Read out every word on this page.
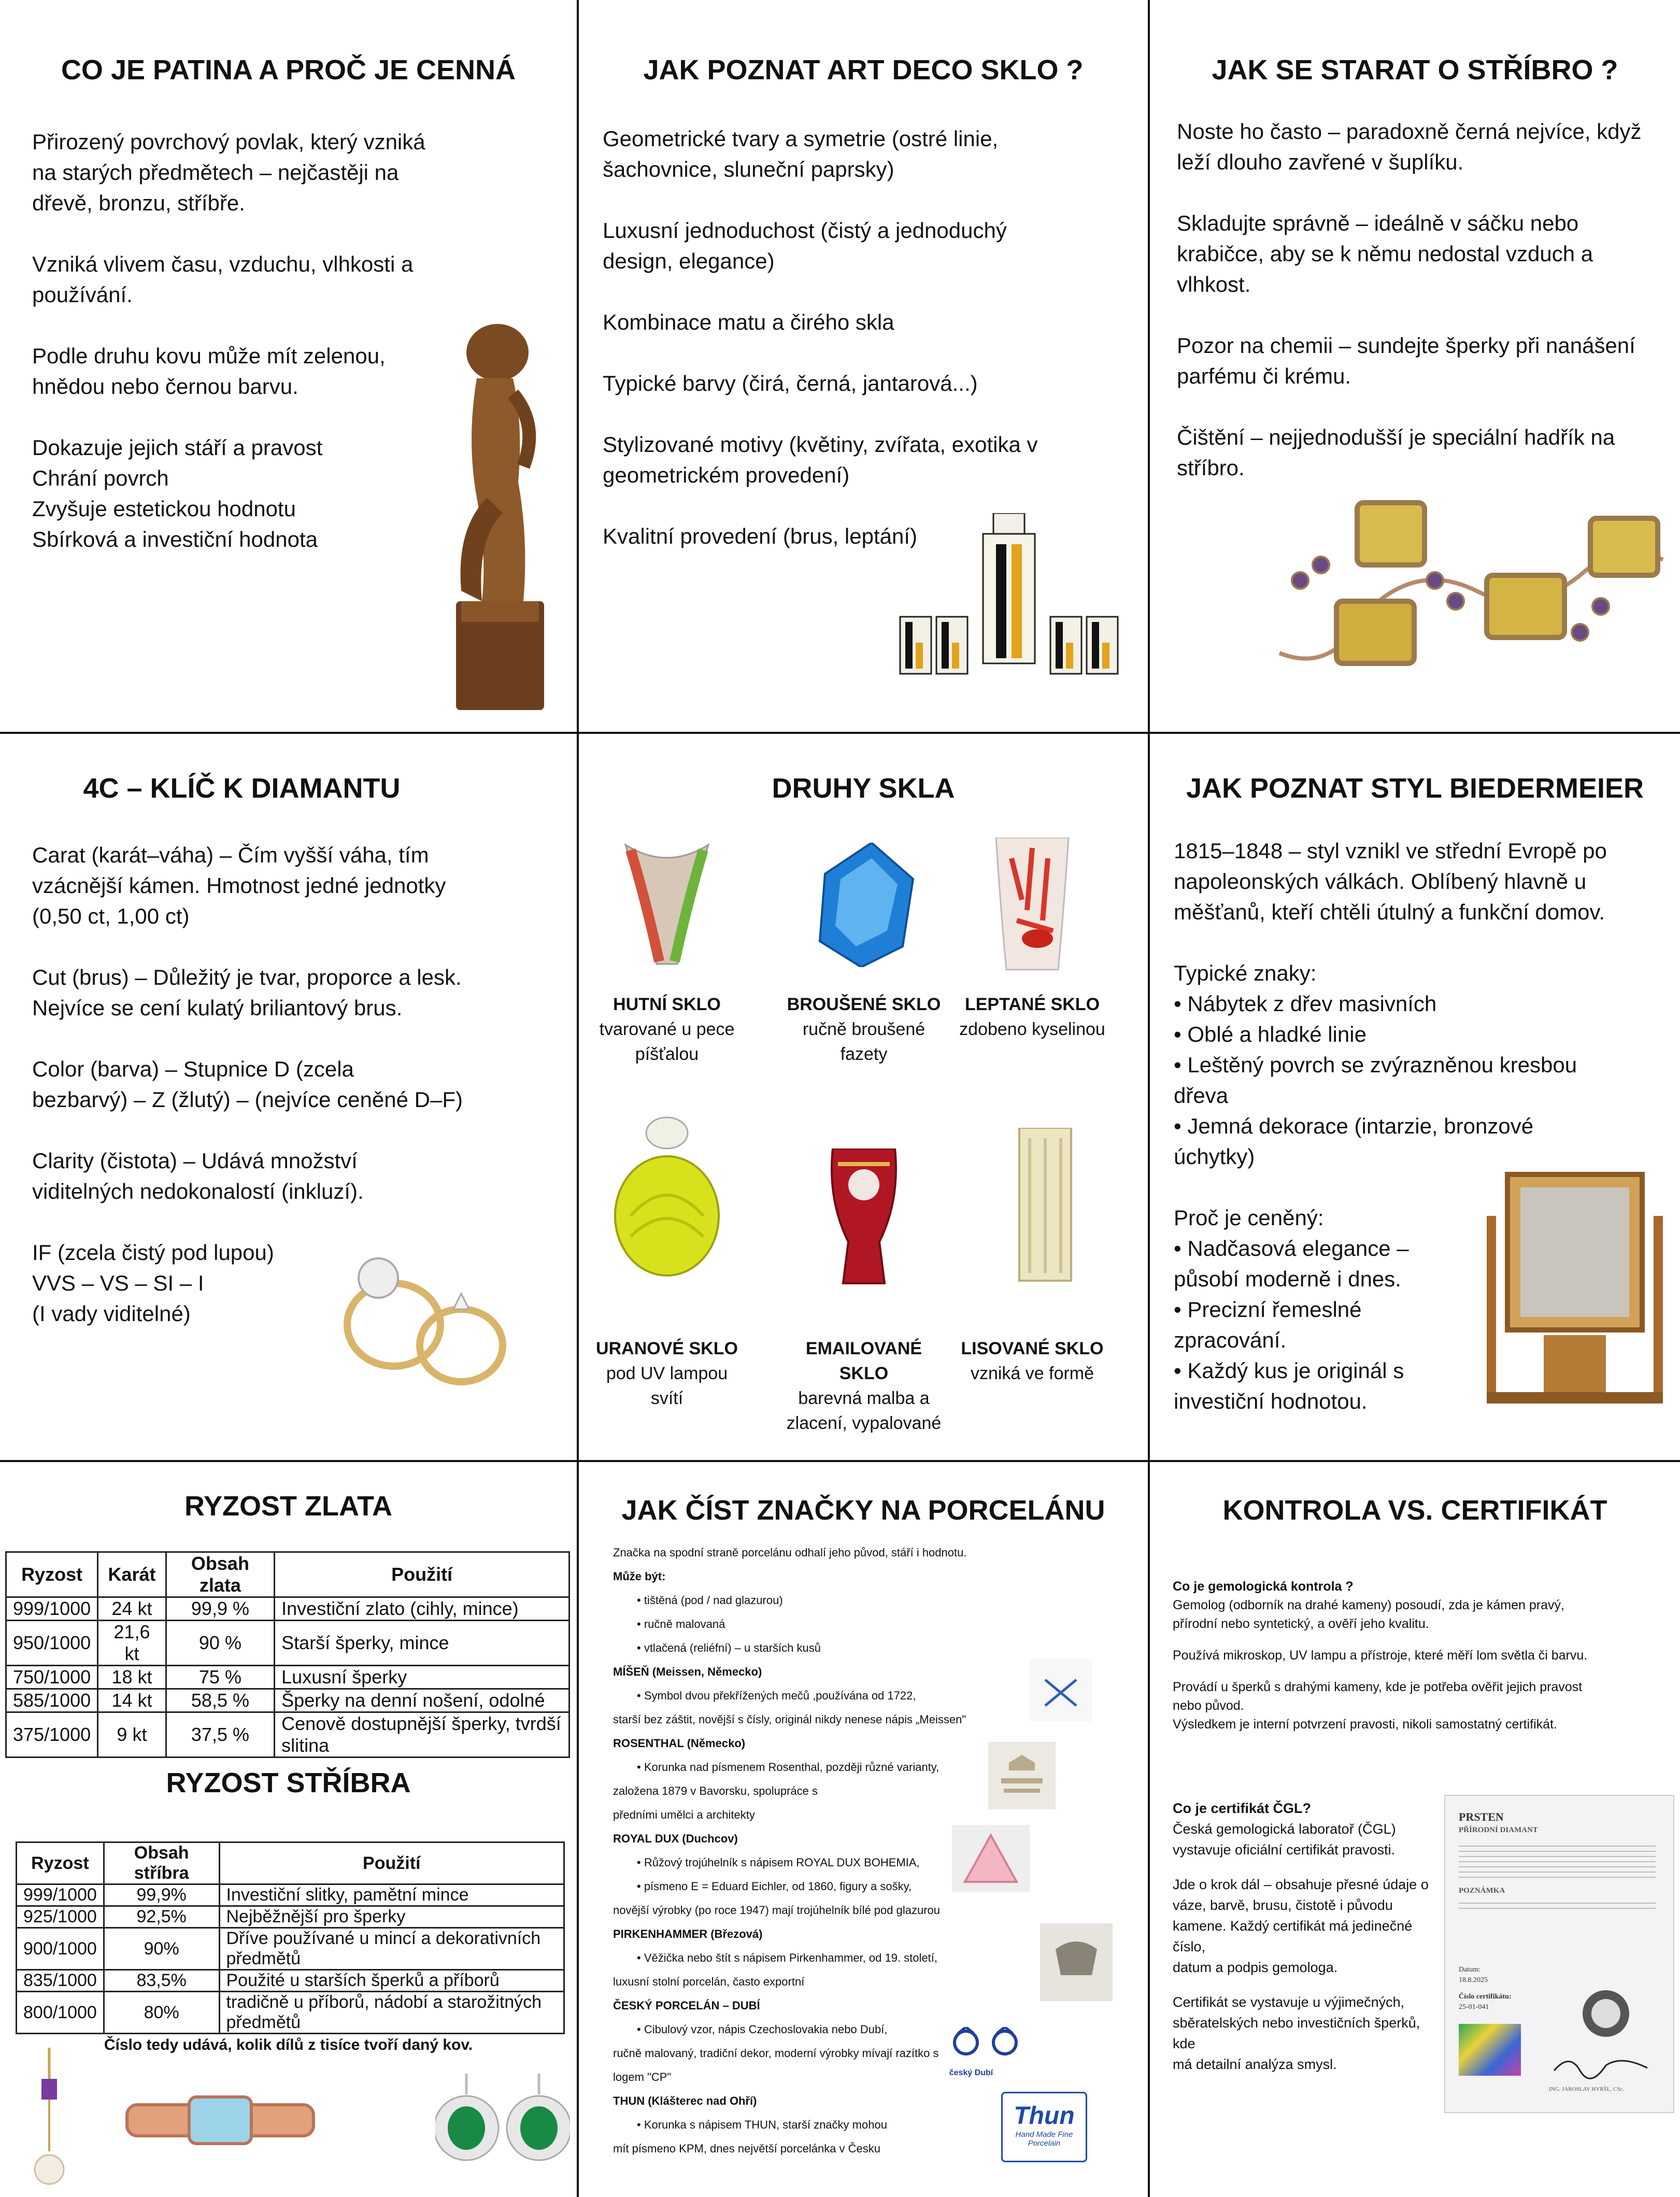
CO JE PATINA A PROČ JE CENNÁ
Přirozený povrchový povlak, který vzniká
na starých předmětech – nejčastěji na
dřevě, bronzu, stříbře.
Vzniká vlivem času, vzduchu, vlhkosti a
používání.
Podle druhu kovu může mít zelenou,
hnědou nebo černou barvu.
Dokazuje jejich stáří a pravost
Chrání povrch
Zvyšuje estetickou hodnotu
Sbírková a investiční hodnota
JAK POZNAT ART DECO SKLO ?
Geometrické tvary a symetrie (ostré linie,
šachovnice, sluneční paprsky)
Luxusní jednoduchost (čistý a jednoduchý
design, elegance)
Kombinace matu a čirého skla
Typické barvy (čirá, černá, jantarová...)
Stylizované motivy (květiny, zvířata, exotika v
geometrickém provedení)
Kvalitní provedení (brus, leptání)
JAK SE STARAT O STŘÍBRO ?
Noste ho často – paradoxně černá nejvíce, když
leží dlouho zavřené v šuplíku.
Skladujte správně – ideálně v sáčku nebo
krabičce, aby se k němu nedostal vzduch a
vlhkost.
Pozor na chemii – sundejte šperky při nanášení
parfému či krému.
Čištění – nejjednodušší je speciální hadřík na
stříbro.
4C – KLÍČ K DIAMANTU
Carat (karát–váha) – Čím vyšší váha, tím
vzácnější kámen. Hmotnost jedné jednotky
(0,50 ct, 1,00 ct)
Cut (brus) – Důležitý je tvar, proporce a lesk.
Nejvíce se cení kulatý briliantový brus.
Color (barva) – Stupnice D (zcela
bezbarvý) – Z (žlutý) – (nejvíce ceněné D–F)
Clarity (čistota) – Udává množství
viditelných nedokonalostí (inkluzí).
IF (zcela čistý pod lupou)
VVS – VS – SI – I
(I vady viditelné)
DRUHY SKLA
HUTNÍ SKLO
tvarované u pece
píšťalou
BROUŠENÉ SKLO
ručně broušené
fazety
LEPTANÉ SKLO
zdobeno kyselinou
URANOVÉ SKLO
pod UV lampou svítí
EMAILOVANÉ SKLO
barevná malba a
zlacení, vypalované
LISOVANÉ SKLO
vzniká ve formě
JAK POZNAT STYL BIEDERMEIER
1815–1848 – styl vznikl ve střední Evropě po
napoleonských válkách. Oblíbený hlavně u
měšťanů, kteří chtěli útulný a funkční domov.
Typické znaky:
• Nábytek z dřev masivních
• Oblé a hladké linie
• Leštěný povrch se zvýrazněnou kresbou
dřeva
• Jemná dekorace (intarzie, bronzové
úchytky)
Proč je ceněný:
• Nadčasová elegance –
působí moderně i dnes.
• Precizní řemeslné
zpracování.
• Každý kus je originál s
investiční hodnotou.
RYZOST ZLATA
Ryzost	Karát	Obsah zlata	Použití
999/1000	24 kt	99,9 %	Investiční zlato (cihly, mince)
950/1000	21,6 kt	90 %	Starší šperky, mince
750/1000	18 kt	75 %	Luxusní šperky
585/1000	14 kt	58,5 %	Šperky na denní nošení, odolné
375/1000	9 kt	37,5 %	Cenově dostupnější šperky, tvrdší slitina
RYZOST STŘÍBRA
Ryzost	Obsah stříbra	Použití
999/1000	99,9%	Investiční slitky, pamětní mince
925/1000	92,5%	Nejběžnější pro šperky
900/1000	90%	Dříve používané u mincí a dekorativních předmětů
835/1000	83,5%	Použité u starších šperků a příborů
800/1000	80%	tradičně u příborů, nádobí a starožitných předmětů
Číslo tedy udává, kolik dílů z tisíce tvoří daný kov.
JAK ČÍST ZNAČKY NA PORCELÁNU
Značka na spodní straně porcelánu odhalí jeho původ, stáří i hodnotu.
Může být:
• tištěná (pod / nad glazurou)
• ručně malovaná
• vtlačená (reliéfní) – u starších kusů
MÍŠEŇ (Meissen, Německo)
• Symbol dvou překřížených mečů ,používána od 1722,
starší bez záštit, novější s čísly, originál nikdy nenese nápis „Meissen"
ROSENTHAL (Německo)
• Korunka nad písmenem Rosenthal, později různé varianty,
založena 1879 v Bavorsku, spolupráce s
předními umělci a architekty
ROYAL DUX (Duchcov)
• Růžový trojúhelník s nápisem ROYAL DUX BOHEMIA,
• písmeno E = Eduard Eichler, od 1860, figury a sošky,
novější výrobky (po roce 1947) mají trojúhelník bílé pod glazurou
PIRKENHAMMER (Březová)
• Věžička nebo štít s nápisem Pirkenhammer, od 19. století,
luxusní stolní porcelán, často exportní
ČESKÝ PORCELÁN – DUBÍ
• Cibulový vzor, nápis Czechoslovakia nebo Dubí,
ručně malovaný, tradiční dekor, moderní výrobky mívají razítko s
logem "CP"
THUN (Klášterec nad Ohří)
• Korunka s nápisem THUN, starší značky mohou
mít písmeno KPM, dnes největší porcelánka v Česku
český Dubí
Thun
Hand Made Fine Porcelain
KONTROLA VS. CERTIFIKÁT
Co je gemologická kontrola ?
Gemolog (odborník na drahé kameny) posoudí, zda je kámen pravý,
přírodní nebo syntetický, a ověří jeho kvalitu.
Používá mikroskop, UV lampu a přístroje, které měří lom světla či barvu.
Provádí u šperků s drahými kameny, kde je potřeba ověřit jejich pravost
nebo původ.
Výsledkem je interní potvrzení pravosti, nikoli samostatný certifikát.
Co je certifikát ČGL?
Česká gemologická laboratoř (ČGL)
vystavuje oficiální certifikát pravosti.
Jde o krok dál – obsahuje přesné údaje o
váze, barvě, brusu, čistotě i původu
kamene. Každý certifikát má jedinečné číslo,
datum a podpis gemologa.
Certifikát se vystavuje u výjimečných,
sběratelských nebo investičních šperků, kde
má detailní analýza smysl.
PRSTEN
PŘÍRODNÍ DIAMANT
POZNÁMKA
Datum:
18.8.2025
Číslo certifikátu:
25-01-041
ING. JAROSLAV HYRŠL, CSc.
